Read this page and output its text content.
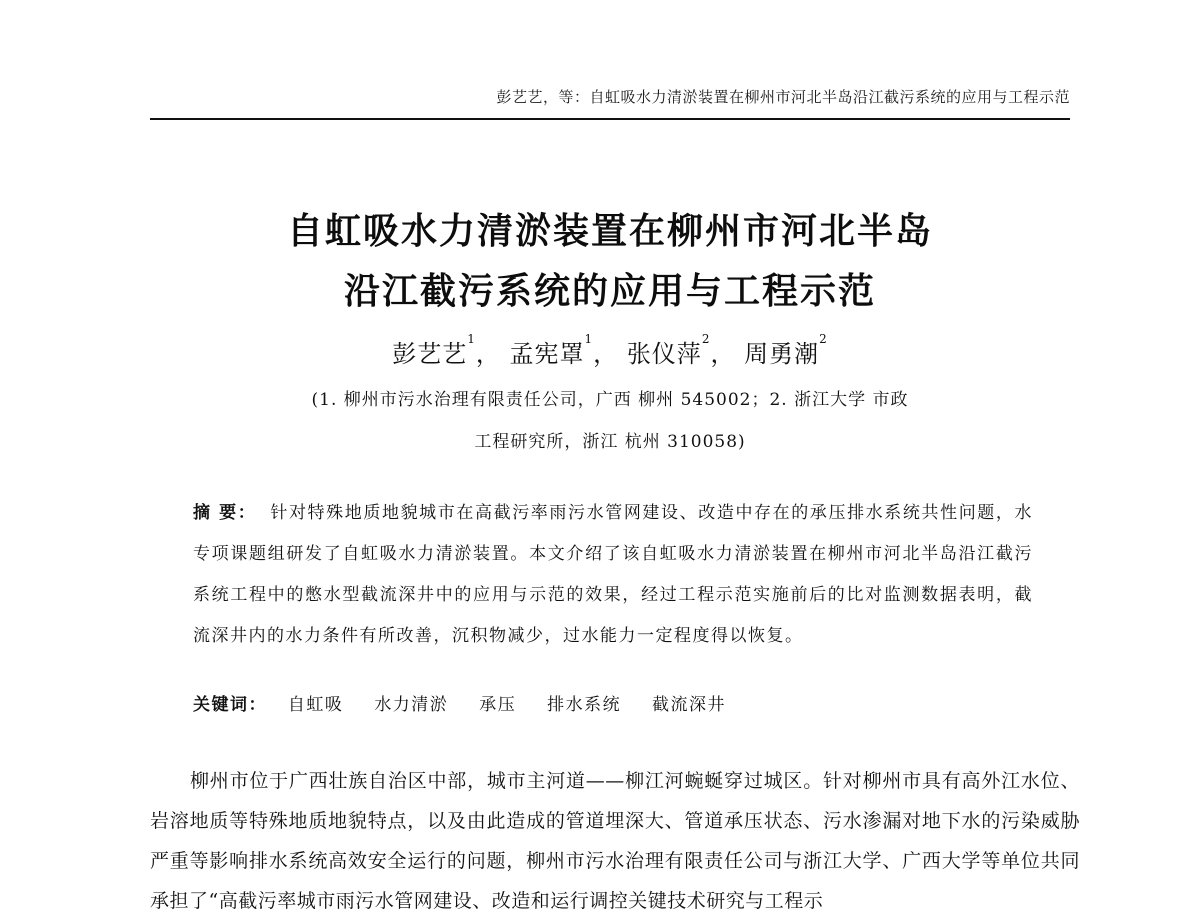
彭艺艺，等：自虹吸水力清淤装置在柳州市河北半岛沿江截污系统的应用与工程示范
自虹吸水力清淤装置在柳州市河北半岛
沿江截污系统的应用与工程示范
彭艺艺$^1$， 孟宪罩$^1$， 张仪萍$^2$， 周勇潮$^2$
(1. 柳州市污水治理有限责任公司，广西 柳州 545002；2. 浙江大学 市政
工程研究所，浙江 杭州 310058)
摘 要： 针对特殊地质地貌城市在高截污率雨污水管网建设、改造中存在的承压排水系统共性问题，水专项课题组研发了自虹吸水力清淤装置。本文介绍了该自虹吸水力清淤装置在柳州市河北半岛沿江截污系统工程中的憋水型截流深井中的应用与示范的效果，经过工程示范实施前后的比对监测数据表明，截流深井内的水力条件有所改善，沉积物减少，过水能力一定程度得以恢复。
关键词： 自虹吸 水力清淤 承压 排水系统 截流深井
柳州市位于广西壮族自治区中部，城市主河道——柳江河蜿蜒穿过城区。针对柳州市具有高外江水位、岩溶地质等特殊地质地貌特点，以及由此造成的管道埋深大、管道承压状态、污水渗漏对地下水的污染威胁严重等影响排水系统高效安全运行的问题，柳州市污水治理有限责任公司与浙江大学、广西大学等单位共同承担了“高截污率城市雨污水管网建设、改造和运行调控关键技术研究与工程示
